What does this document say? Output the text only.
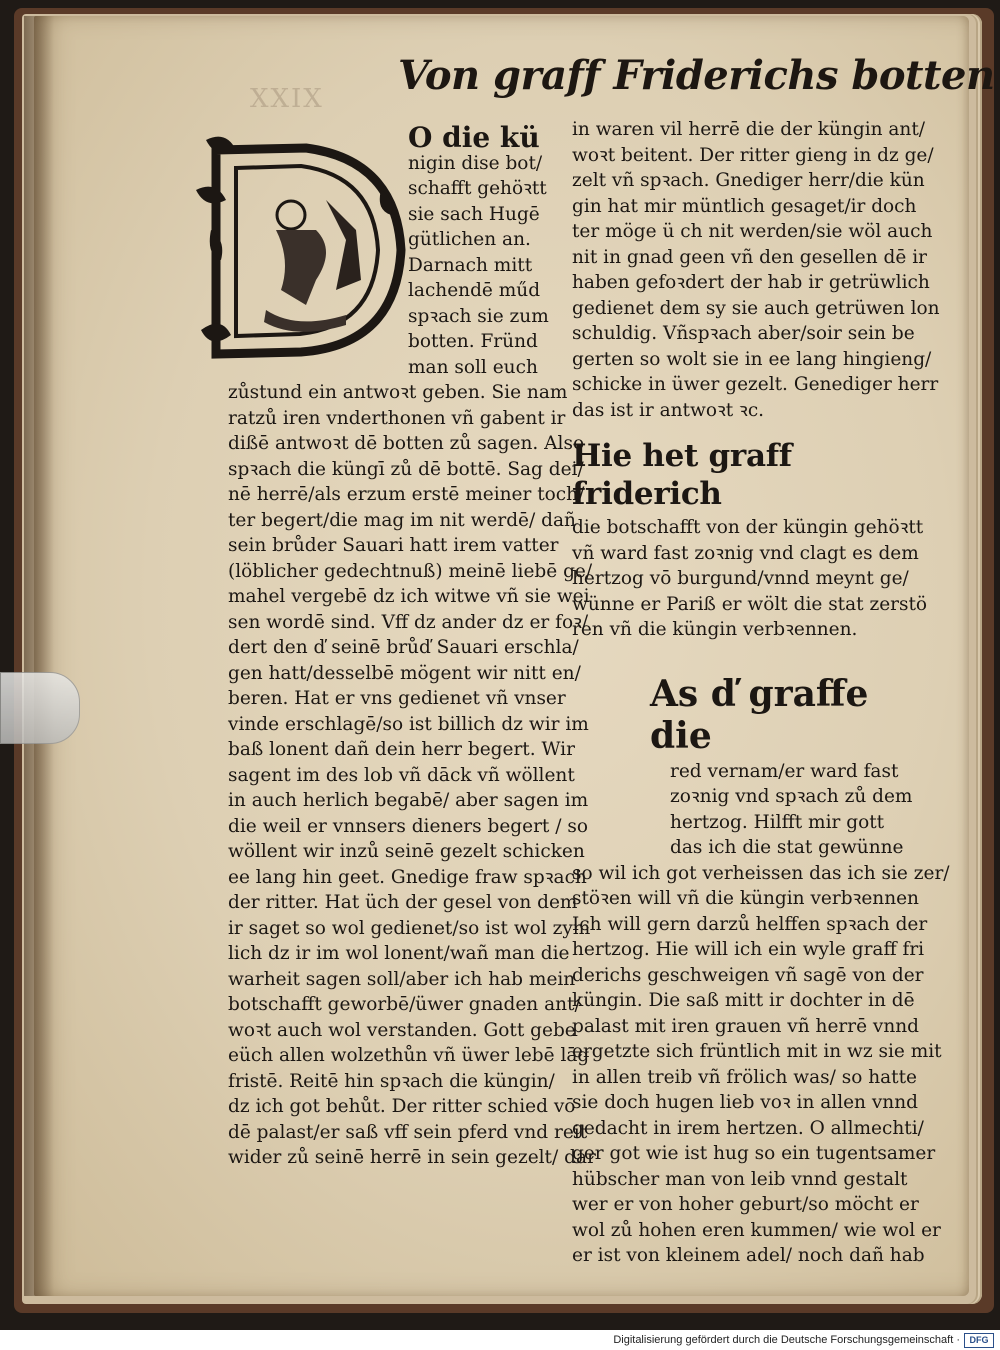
XXIX Von graff Friderichs botten
O die kü
nigin dise bot/
schafft gehöꝛtt
sie sach Hugē
gütlichen an.
Darnach mitt
lachendē műd
spꝛach sie zum
botten. Fründ
man soll euch
zůstund ein antwoꝛt geben. Sie nam
ratzů iren vnderthonen vñ gabent ir
dißē antwoꝛt dē botten zů sagen. Also
spꝛach die küngī zů dē bottē. Sag dei/
nē herrē/als erzum erstē meiner toch/
ter begert/die mag im nit werdē/ dañ
sein brůder Sauari hatt irem vatter
(löblicher gedechtnuß) meinē liebē ge/
mahel vergebē dz ich witwe vñ sie wei
sen wordē sind. Vff dz ander dz er foꝛ/
dert den ď seinē brůď Sauari erschla/
gen hatt/desselbē mögent wir nitt en/
beren. Hat er vns gedienet vñ vnser
vinde erschlagē/so ist billich dz wir im
baß lonent dañ dein herr begert. Wir
sagent im des lob vñ dāck vñ wöllent
in auch herlich begabē/ aber sagen im
die weil er vnnsers dieners begert / so
wöllent wir inzů seinē gezelt schicken
ee lang hin geet. Gnedige fraw spꝛach
der ritter. Hat üch der gesel von dem
ir saget so wol gedienet/so ist wol zym
lich dz ir im wol lonent/wañ man die
warheit sagen soll/aber ich hab mein
botschafft geworbē/üwer gnaden ant/
woꝛt auch wol verstanden. Gott gebe
eüch allen wolzethůn vñ üwer lebē lāg
fristē. Reitē hin spꝛach die küngin/
dz ich got behůt. Der ritter schied vō
dē palast/er saß vff sein pferd vnd reit
wider zů seinē herrē in sein gezelt/ dar
in waren vil herrē die der küngin ant/
woꝛt beitent. Der ritter gieng in dz ge/
zelt vñ spꝛach. Gnediger herr/die kün
gin hat mir müntlich gesaget/ir doch
ter möge ü ch nit werden/sie wöl auch
nit in gnad geen vñ den gesellen dē ir
haben gefoꝛdert der hab ir getrüwlich
gedienet dem sy sie auch getrüwen lon
schuldig. Vñspꝛach aber/soir sein be
gerten so wolt sie in ee lang hingieng/
schicke in üwer gezelt. Genediger herr
das ist ir antwoꝛt ꝛc.
Hie het graff friderich
die botschafft von der küngin gehöꝛtt
vñ ward fast zoꝛnig vnd clagt es dem
hertzog vō burgund/vnnd meynt ge/
wünne er Pariß er wölt die stat zerstö
ren vñ die küngin verbꝛennen.
As ď graffe die
red vernam/er ward fast
zoꝛnig vnd spꝛach zů dem
hertzog. Hilfft mir gott
das ich die stat gewünne
so wil ich got verheissen das ich sie zer/
stöꝛen will vñ die küngin verbꝛennen
Ich will gern darzů helffen spꝛach der
hertzog. Hie will ich ein wyle graff fri
derichs geschweigen vñ sagē von der
küngin. Die saß mitt ir dochter in dē
palast mit iren grauen vñ herrē vnnd
ergetzte sich früntlich mit in wz sie mit
in allen treib vñ frölich was/ so hatte
sie doch hugen lieb voꝛ in allen vnnd
gedacht in irem hertzen. O allmechti/
ger got wie ist hug so ein tugentsamer
hübscher man von leib vnnd gestalt
wer er von hoher geburt/so möcht er
wol zů hohen eren kummen/ wie wol er
er ist von kleinem adel/ noch dañ hab
Digitalisierung gefördert durch die Deutsche Forschungsgemeinschaft ·	DFG
